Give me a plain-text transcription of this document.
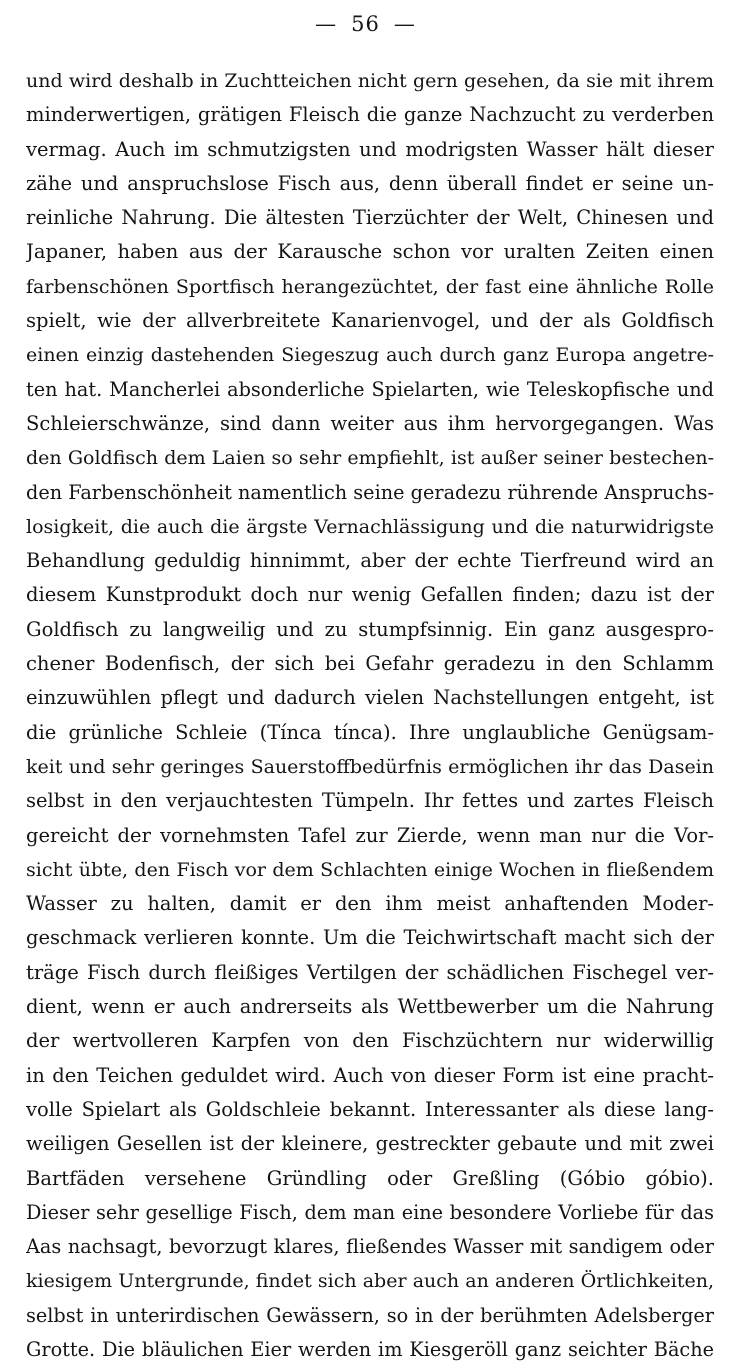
— 56 —
und wird deshalb in Zuchtteichen nicht gern gesehen, da sie mit ihrem
minderwertigen, grätigen Fleisch die ganze Nachzucht zu verderben
vermag. Auch im schmutzigsten und modrigsten Wasser hält dieser
zähe und anspruchslose Fisch aus, denn überall findet er seine un-
reinliche Nahrung. Die ältesten Tierzüchter der Welt, Chinesen und
Japaner, haben aus der Karausche schon vor uralten Zeiten einen
farbenschönen Sportfisch herangezüchtet, der fast eine ähnliche Rolle
spielt, wie der allverbreitete Kanarienvogel, und der als Goldfisch
einen einzig dastehenden Siegeszug auch durch ganz Europa angetre-
ten hat. Mancherlei absonderliche Spielarten, wie Teleskopfische und
Schleierschwänze, sind dann weiter aus ihm hervorgegangen. Was
den Goldfisch dem Laien so sehr empfiehlt, ist außer seiner bestechen-
den Farbenschönheit namentlich seine geradezu rührende Anspruchs-
losigkeit, die auch die ärgste Vernachlässigung und die naturwidrigste
Behandlung geduldig hinnimmt, aber der echte Tierfreund wird an
diesem Kunstprodukt doch nur wenig Gefallen finden; dazu ist der
Goldfisch zu langweilig und zu stumpfsinnig. Ein ganz ausgespro-
chener Bodenfisch, der sich bei Gefahr geradezu in den Schlamm
einzuwühlen pflegt und dadurch vielen Nachstellungen entgeht, ist
die grünliche Schleie (Tínca tínca). Ihre unglaubliche Genügsam-
keit und sehr geringes Sauerstoffbedürfnis ermöglichen ihr das Dasein
selbst in den verjauchtesten Tümpeln. Ihr fettes und zartes Fleisch
gereicht der vornehmsten Tafel zur Zierde, wenn man nur die Vor-
sicht übte, den Fisch vor dem Schlachten einige Wochen in fließendem
Wasser zu halten, damit er den ihm meist anhaftenden Moder-
geschmack verlieren konnte. Um die Teichwirtschaft macht sich der
träge Fisch durch fleißiges Vertilgen der schädlichen Fischegel ver-
dient, wenn er auch andrerseits als Wettbewerber um die Nahrung
der wertvolleren Karpfen von den Fischzüchtern nur widerwillig
in den Teichen geduldet wird. Auch von dieser Form ist eine pracht-
volle Spielart als Goldschleie bekannt. Interessanter als diese lang-
weiligen Gesellen ist der kleinere, gestreckter gebaute und mit zwei
Bartfäden versehene Gründling oder Greßling (Góbio góbio).
Dieser sehr gesellige Fisch, dem man eine besondere Vorliebe für das
Aas nachsagt, bevorzugt klares, fließendes Wasser mit sandigem oder
kiesigem Untergrunde, findet sich aber auch an anderen Örtlichkeiten,
selbst in unterirdischen Gewässern, so in der berühmten Adelsberger
Grotte. Die bläulichen Eier werden im Kiesgeröll ganz seichter Bäche
